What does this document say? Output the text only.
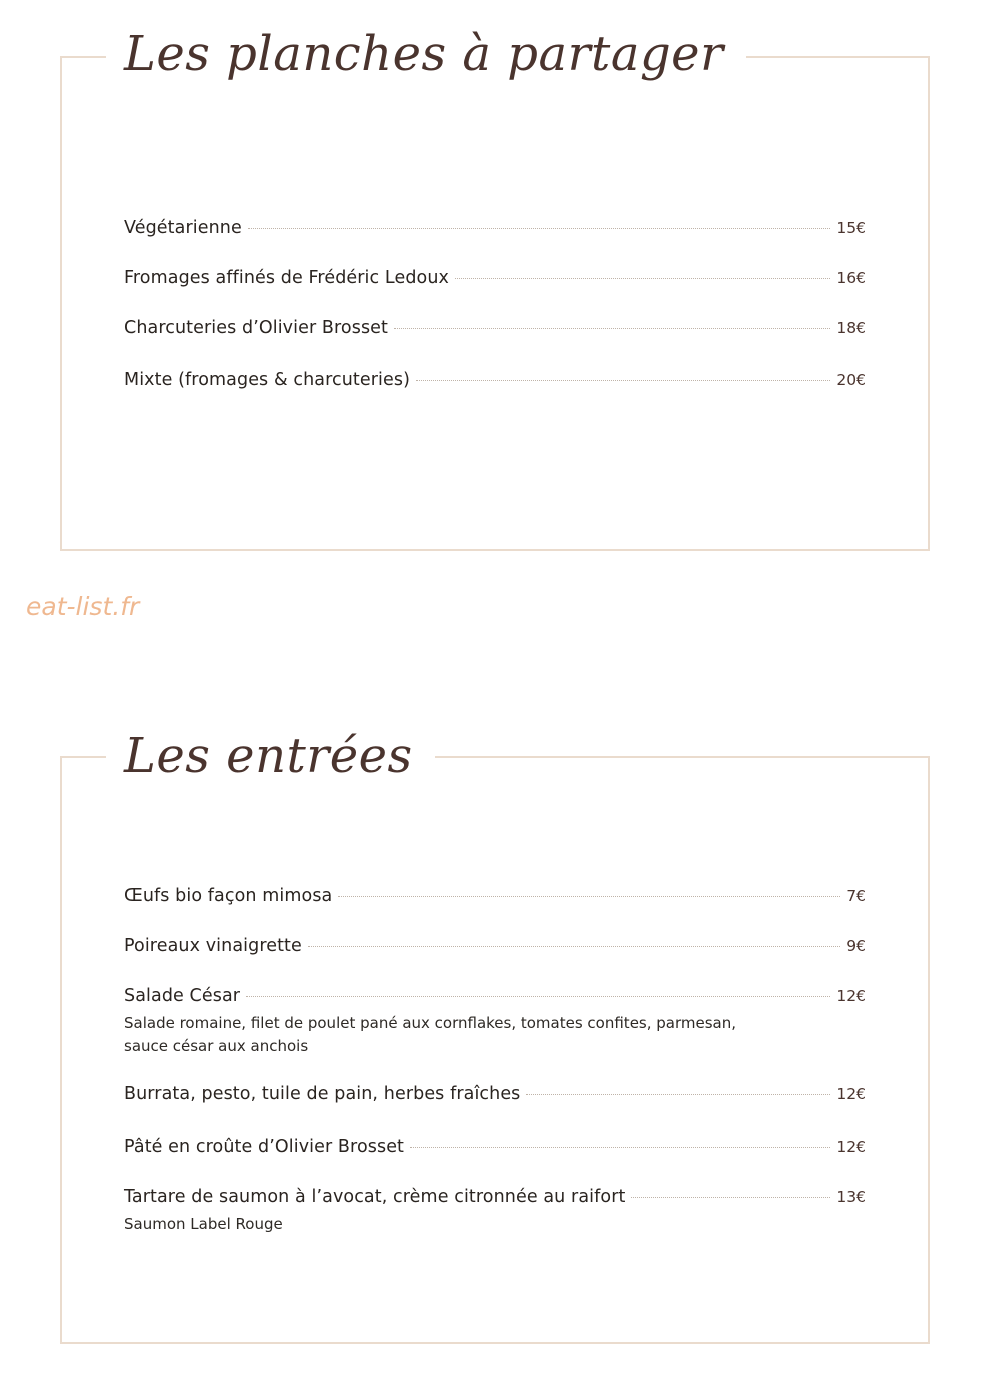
Les planches à partager
Végétarienne	15€
Fromages affinés de Frédéric Ledoux	16€
Charcuteries d’Olivier Brosset	18€
Mixte (fromages & charcuteries)	20€
eat-list.fr
Les entrées
Œufs bio façon mimosa	7€
Poireaux vinaigrette	9€
Salade César	12€
Salade romaine, filet de poulet pané aux cornflakes, tomates confites, parmesan, sauce césar aux anchois
Burrata, pesto, tuile de pain, herbes fraîches	12€
Pâté en croûte d’Olivier Brosset	12€
Tartare de saumon à l’avocat, crème citronnée au raifort	13€
Saumon Label Rouge
